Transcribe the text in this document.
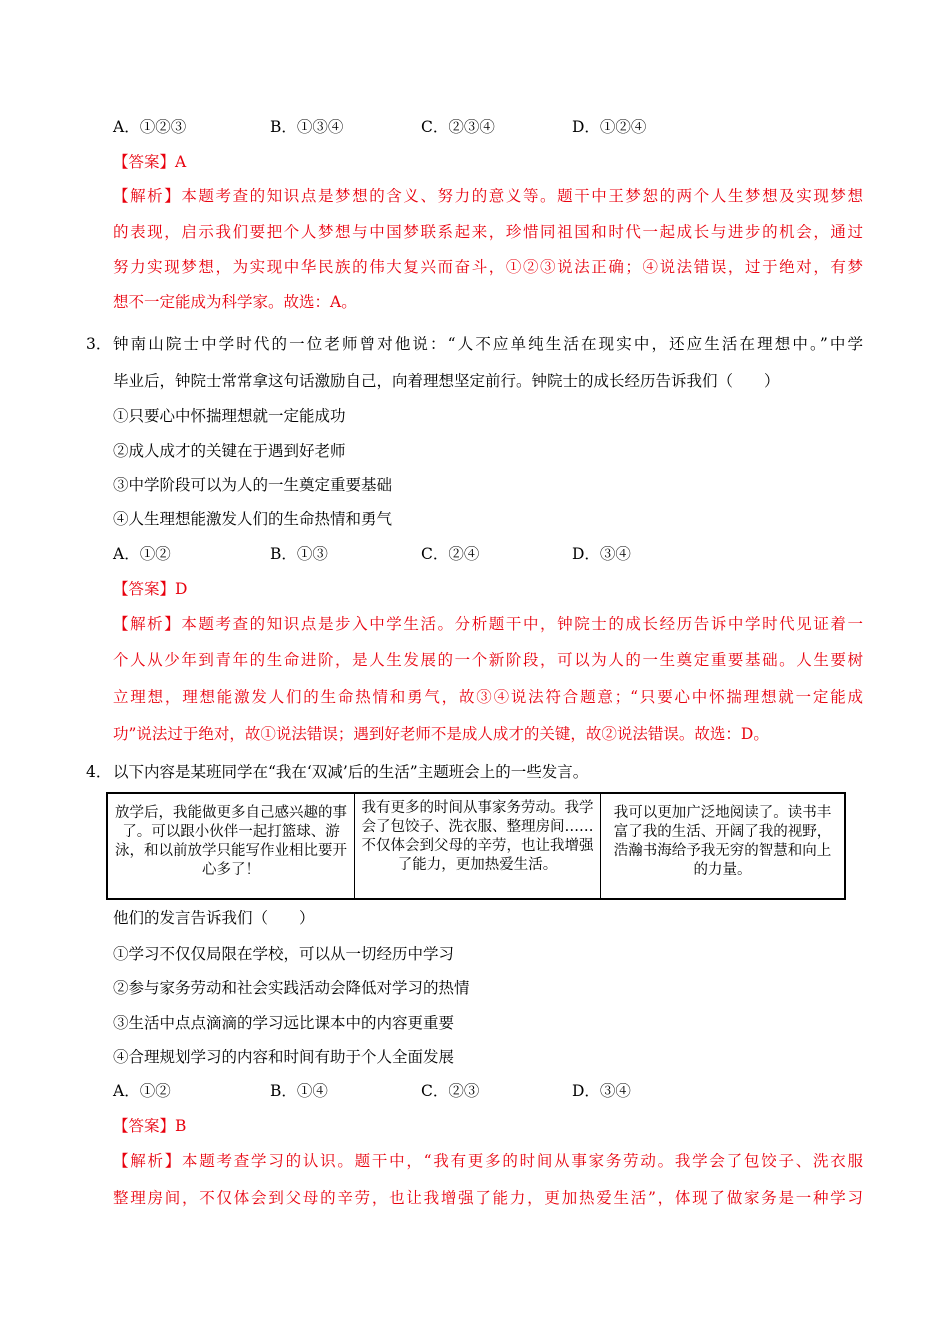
A．①②③	B．①③④	C．②③④	D．①②④
【答案】A
【解析】本题考查的知识点是梦想的含义、努力的意义等。题干中王梦恕的两个人生梦想及实现梦想
的表现，启示我们要把个人梦想与中国梦联系起来，珍惜同祖国和时代一起成长与进步的机会，通过
努力实现梦想，为实现中华民族的伟大复兴而奋斗，①②③说法正确；④说法错误，过于绝对，有梦
想不一定能成为科学家。故选：A。
3． 钟南山院士中学时代的一位老师曾对他说：“人不应单纯生活在现实中，还应生活在理想中。”中学
毕业后，钟院士常常拿这句话激励自己，向着理想坚定前行。钟院士的成长经历告诉我们（　　）
①只要心中怀揣理想就一定能成功
②成人成才的关键在于遇到好老师
③中学阶段可以为人的一生奠定重要基础
④人生理想能激发人们的生命热情和勇气
A．①②	B．①③	C．②④	D．③④
【答案】D
【解析】本题考查的知识点是步入中学生活。分析题干中，钟院士的成长经历告诉中学时代见证着一
个人从少年到青年的生命进阶，是人生发展的一个新阶段，可以为人的一生奠定重要基础。人生要树
立理想，理想能激发人们的生命热情和勇气，故③④说法符合题意；“只要心中怀揣理想就一定能成
功”说法过于绝对，故①说法错误；遇到好老师不是成人成才的关键，故②说法错误。故选：D。
4． 以下内容是某班同学在“我在‘双减’后的生活”主题班会上的一些发言。
放学后，我能做更多自己感兴趣的事了。可以跟小伙伴一起打篮球、游泳，和以前放学只能写作业相比要开心多了！
我有更多的时间从事家务劳动。我学会了包饺子、洗衣服、整理房间……不仅体会到父母的辛劳，也让我增强了能力，更加热爱生活。
我可以更加广泛地阅读了。读书丰富了我的生活、开阔了我的视野，浩瀚书海给予我无穷的智慧和向上的力量。
他们的发言告诉我们（　　）
①学习不仅仅局限在学校，可以从一切经历中学习
②参与家务劳动和社会实践活动会降低对学习的热情
③生活中点点滴滴的学习远比课本中的内容更重要
④合理规划学习的内容和时间有助于个人全面发展
A．①②	B．①④	C．②③	D．③④
【答案】B
【解析】本题考查学习的认识。题干中，“我有更多的时间从事家务劳动。我学会了包饺子、洗衣服
整理房间，不仅体会到父母的辛劳，也让我增强了能力，更加热爱生活”，体现了做家务是一种学习
